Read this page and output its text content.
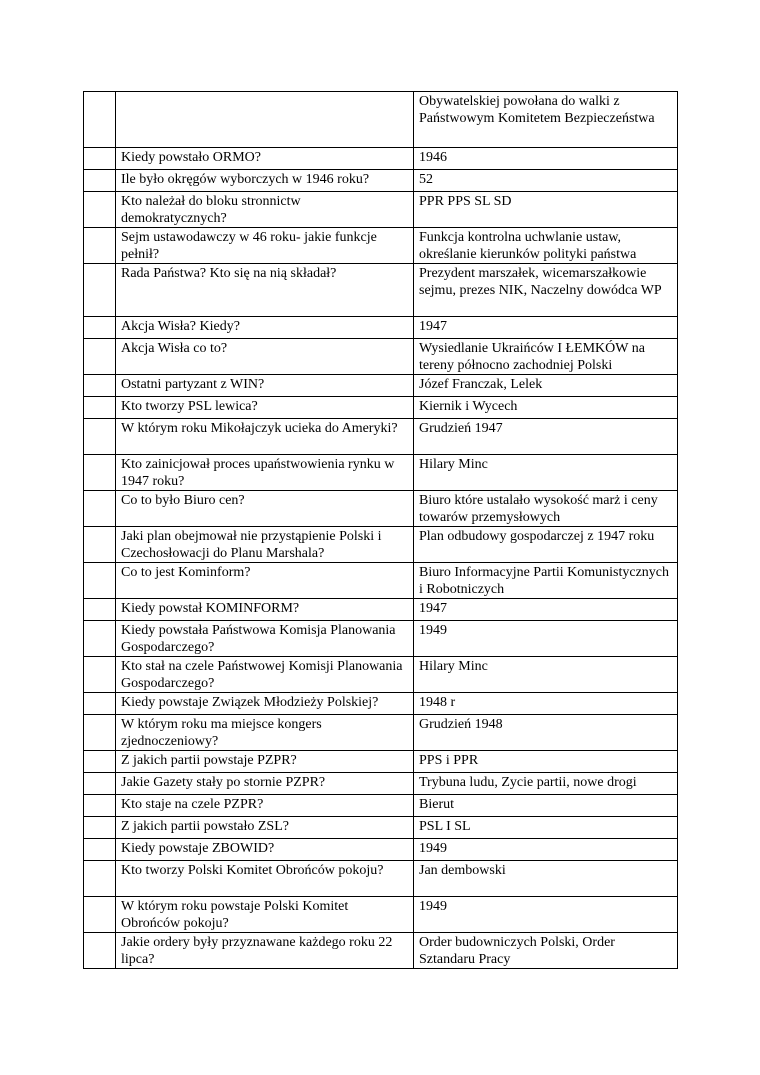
		Obywatelskiej powołana do walki z Państwowym Komitetem Bezpieczeństwa
	Kiedy powstało ORMO?	1946
	Ile było okręgów wyborczych w 1946 roku?	52
	Kto należał do bloku stronnictw demokratycznych?	PPR PPS SL SD
	Sejm ustawodawczy w 46 roku- jakie funkcje pełnił?	Funkcja kontrolna uchwlanie ustaw, określanie kierunków polityki państwa
	Rada Państwa? Kto się na nią składał?	Prezydent marszałek, wicemarszałkowie sejmu, prezes NIK, Naczelny dowódca WP
	Akcja Wisła? Kiedy?	1947
	Akcja Wisła co to?	Wysiedlanie Ukraińców I ŁEMKÓW na tereny północno zachodniej Polski
	Ostatni partyzant z WIN?	Józef Franczak, Lelek
	Kto tworzy PSL lewica?	Kiernik i Wycech
	W którym roku Mikołajczyk ucieka do Ameryki?	Grudzień 1947
	Kto zainicjował proces upaństwowienia rynku w 1947 roku?	Hilary Minc
	Co to było Biuro cen?	Biuro które ustalało wysokość marż i ceny towarów przemysłowych
	Jaki plan obejmował nie przystąpienie Polski i Czechosłowacji do Planu Marshala?	Plan odbudowy gospodarczej z 1947 roku
	Co to jest Kominform?	Biuro Informacyjne Partii Komunistycznych i Robotniczych
	Kiedy powstał KOMINFORM?	1947
	Kiedy powstała Państwowa Komisja Planowania Gospodarczego?	1949
	Kto stał na czele Państwowej Komisji Planowania Gospodarczego?	Hilary Minc
	Kiedy powstaje Związek Młodzieży Polskiej?	1948 r
	W którym roku ma miejsce kongers zjednoczeniowy?	Grudzień 1948
	Z jakich partii powstaje PZPR?	PPS i PPR
	Jakie Gazety stały po stornie PZPR?	Trybuna ludu, Zycie partii, nowe drogi
	Kto staje na czele PZPR?	Bierut
	Z jakich partii powstało ZSL?	PSL I SL
	Kiedy powstaje ZBOWID?	1949
	Kto tworzy Polski Komitet Obrońców pokoju?	Jan dembowski
	W którym roku powstaje Polski Komitet Obrońców pokoju?	1949
	Jakie ordery były przyznawane każdego roku 22 lipca?	Order budowniczych Polski, Order Sztandaru Pracy
